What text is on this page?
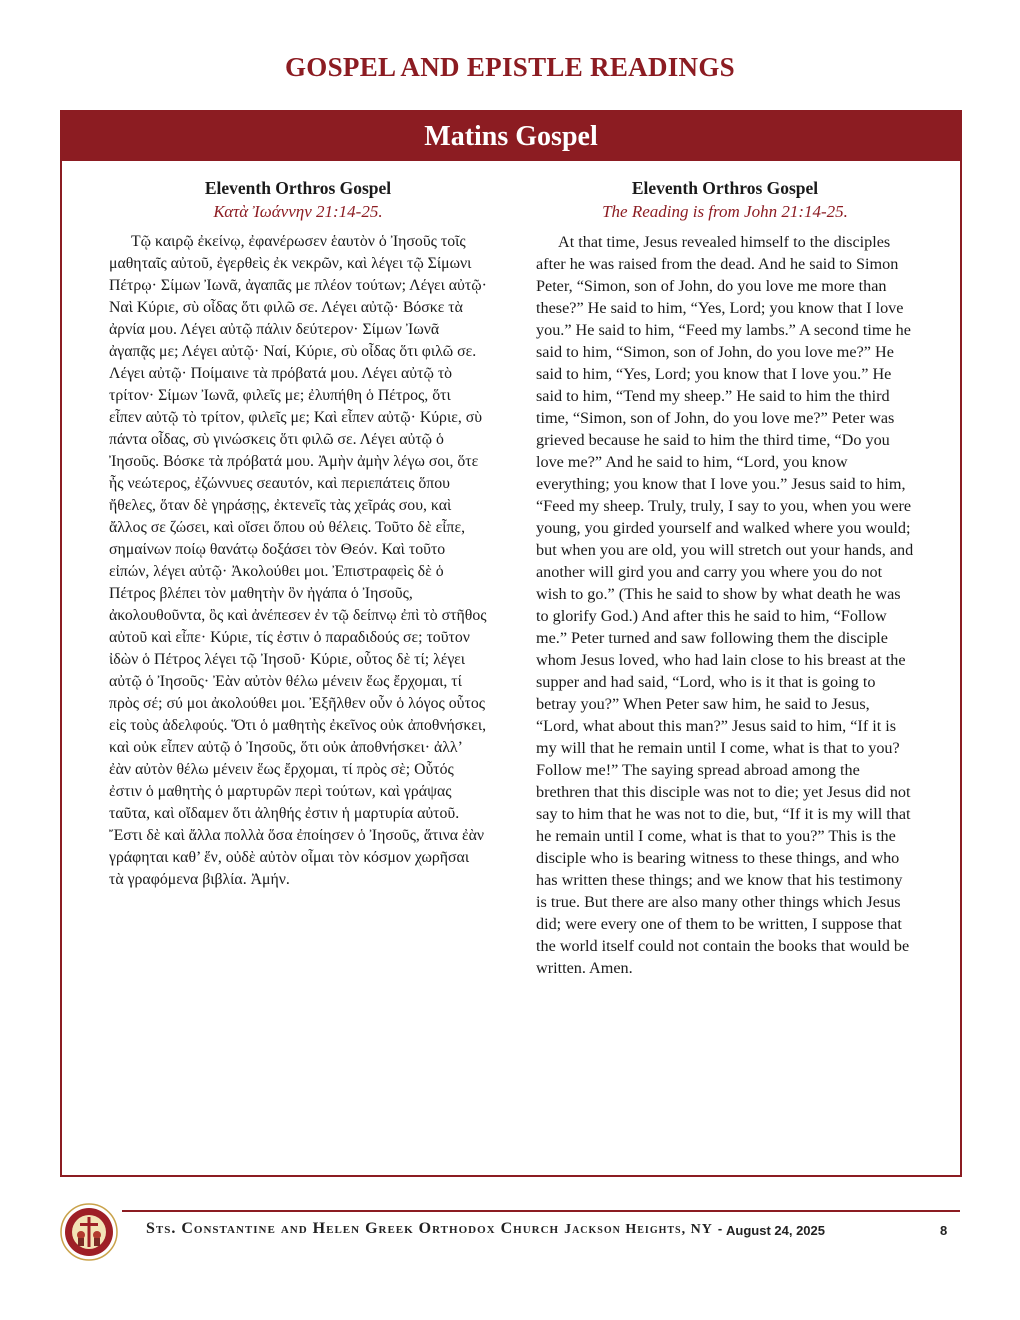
GOSPEL AND EPISTLE READINGS
Matins Gospel
Eleventh Orthros Gospel
Κατὰ Ἰωάννην 21:14-25.
Τῷ καιρῷ ἐκείνῳ, ἐφανέρωσεν ἑαυτὸν ὁ Ἰησοῦς τοῖς μαθηταῖς αὐτοῦ, ἐγερθεὶς ἐκ νεκρῶν, καὶ λέγει τῷ Σίμωνι Πέτρῳ· Σίμων Ἰωνᾶ, ἀγαπᾶς με πλέον τούτων; Λέγει αὐτῷ· Ναὶ Κύριε, σὺ οἶδας ὅτι φιλῶ σε. Λέγει αὐτῷ· Βόσκε τὰ ἀρνία μου. Λέγει αὐτῷ πάλιν δεύτερον· Σίμων Ἰωνᾶ ἀγαπᾷς με; Λέγει αὐτῷ· Ναί, Κύριε, σὺ οἶδας ὅτι φιλῶ σε. Λέγει αὐτῷ· Ποίμαινε τὰ πρόβατά μου. Λέγει αὐτῷ τὸ τρίτον· Σίμων Ἰωνᾶ, φιλεῖς με; ἐλυπήθη ὁ Πέτρος, ὅτι εἶπεν αὐτῷ τὸ τρίτον, φιλεῖς με; Καὶ εἶπεν αὐτῷ· Κύριε, σὺ πάντα οἶδας, σὺ γινώσκεις ὅτι φιλῶ σε. Λέγει αὐτῷ ὁ Ἰησοῦς. Βόσκε τὰ πρόβατά μου. Ἀμὴν ἀμὴν λέγω σοι, ὅτε ἦς νεώτερος, ἐζώννυες σεαυτόν, καὶ περιεπάτεις ὅπου ἤθελες, ὅταν δὲ γηράσῃς, ἐκτενεῖς τὰς χεῖράς σου, καὶ ἄλλος σε ζώσει, καὶ οἴσει ὅπου οὐ θέλεις. Τοῦτο δὲ εἶπε, σημαίνων ποίῳ θανάτῳ δοξάσει τὸν Θεόν. Καὶ τοῦτο εἰπών, λέγει αὐτῷ· Ἀκολούθει μοι. Ἐπιστραφεὶς δὲ ὁ Πέτρος βλέπει τὸν μαθητὴν ὃν ἠγάπα ὁ Ἰησοῦς, ἀκολουθοῦντα, ὃς καὶ ἀνέπεσεν ἐν τῷ δείπνῳ ἐπὶ τὸ στῆθος αὐτοῦ καὶ εἶπε· Κύριε, τίς ἐστιν ὁ παραδιδούς σε; τοῦτον ἰδὼν ὁ Πέτρος λέγει τῷ Ἰησοῦ· Κύριε, οὗτος δὲ τί; λέγει αὐτῷ ὁ Ἰησοῦς· Ἐὰν αὐτὸν θέλω μένειν ἕως ἔρχομαι, τί πρὸς σέ; σύ μοι ἀκολούθει μοι. Ἐξῆλθεν οὖν ὁ λόγος οὗτος εἰς τοὺς ἀδελφούς. Ὅτι ὁ μαθητὴς ἐκεῖνος οὐκ ἀποθνήσκει, καὶ οὐκ εἶπεν αὐτῷ ὁ Ἰησοῦς, ὅτι οὐκ ἀποθνήσκει· ἀλλ’ ἐὰν αὐτὸν θέλω μένειν ἕως ἔρχομαι, τί πρὸς σὲ; Οὗτός ἐστιν ὁ μαθητὴς ὁ μαρτυρῶν περὶ τούτων, καὶ γράψας ταῦτα, καὶ οἴδαμεν ὅτι ἀληθής ἐστιν ἡ μαρτυρία αὐτοῦ. Ἔστι δὲ καὶ ἄλλα πολλὰ ὅσα ἐποίησεν ὁ Ἰησοῦς, ἅτινα ἐὰν γράφηται καθ’ ἕν, οὐδὲ αὐτὸν οἶμαι τὸν κόσμον χωρῆσαι τὰ γραφόμενα βιβλία. Ἀμήν.
Eleventh Orthros Gospel
The Reading is from John 21:14-25.
At that time, Jesus revealed himself to the disciples after he was raised from the dead. And he said to Simon Peter, “Simon, son of John, do you love me more than these?” He said to him, “Yes, Lord; you know that I love you.” He said to him, “Feed my lambs.” A second time he said to him, “Simon, son of John, do you love me?” He said to him, “Yes, Lord; you know that I love you.” He said to him, “Tend my sheep.” He said to him the third time, “Simon, son of John, do you love me?” Peter was grieved because he said to him the third time, “Do you love me?” And he said to him, “Lord, you know everything; you know that I love you.” Jesus said to him, “Feed my sheep. Truly, truly, I say to you, when you were young, you girded yourself and walked where you would; but when you are old, you will stretch out your hands, and another will gird you and carry you where you do not wish to go.” (This he said to show by what death he was to glorify God.) And after this he said to him, “Follow me.” Peter turned and saw following them the disciple whom Jesus loved, who had lain close to his breast at the supper and had said, “Lord, who is it that is going to betray you?” When Peter saw him, he said to Jesus, “Lord, what about this man?” Jesus said to him, “If it is my will that he remain until I come, what is that to you? Follow me!” The saying spread abroad among the brethren that this disciple was not to die; yet Jesus did not say to him that he was not to die, but, “If it is my will that he remain until I come, what is that to you?” This is the disciple who is bearing witness to these things, and who has written these things; and we know that his testimony is true. But there are also many other things which Jesus did; were every one of them to be written, I suppose that the world itself could not contain the books that would be written. Amen.
Sts. Constantine and Helen Greek Orthodox Church Jackson Heights, NY - August 24, 2025	8
